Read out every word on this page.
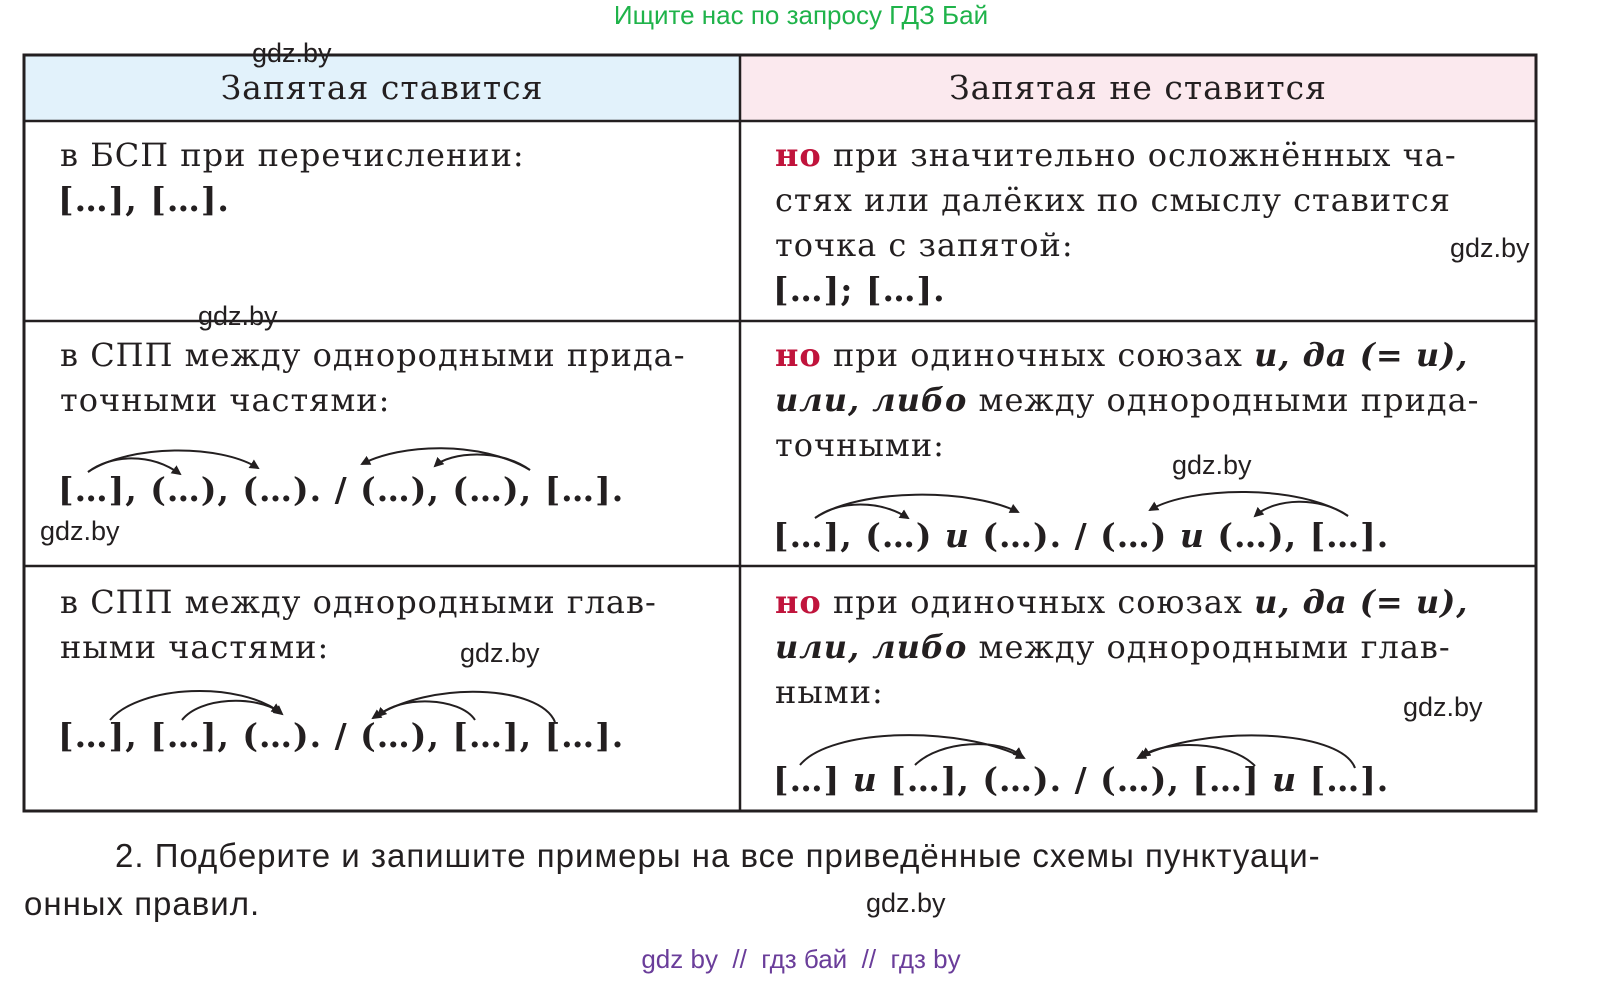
Ищите нас по запросу ГДЗ Бай
Запятая ставится	Запятая не ставится
в БСП при перечислении:
[…], […].
но при значительно осложнённых ча-
стях или далёких по смыслу ставится
точка с запятой:
[…]; […].
в СПП между однородными прида-
точными частями:
[…], (…), (…). / (…), (…), […].
но при одиночных союзах и, да (= и),
или, либо между однородными прида-
точными:
[…], (…) и (…). / (…) и (…), […].
в СПП между однородными глав-
ными частями:
[…], […], (…). / (…), […], […].
но при одиночных союзах и, да (= и),
или, либо между однородными глав-
ными:
[…] и […], (…). / (…), […] и […].
gdz.by
gdz.by
gdz.by
gdz.by
gdz.by
gdz.by
gdz.by
gdz.by
2. Подберите и запишите примеры на все приведённые схемы пунктуаци-
онных правил.
gdz by  //  гдз бай  //  гдз by
